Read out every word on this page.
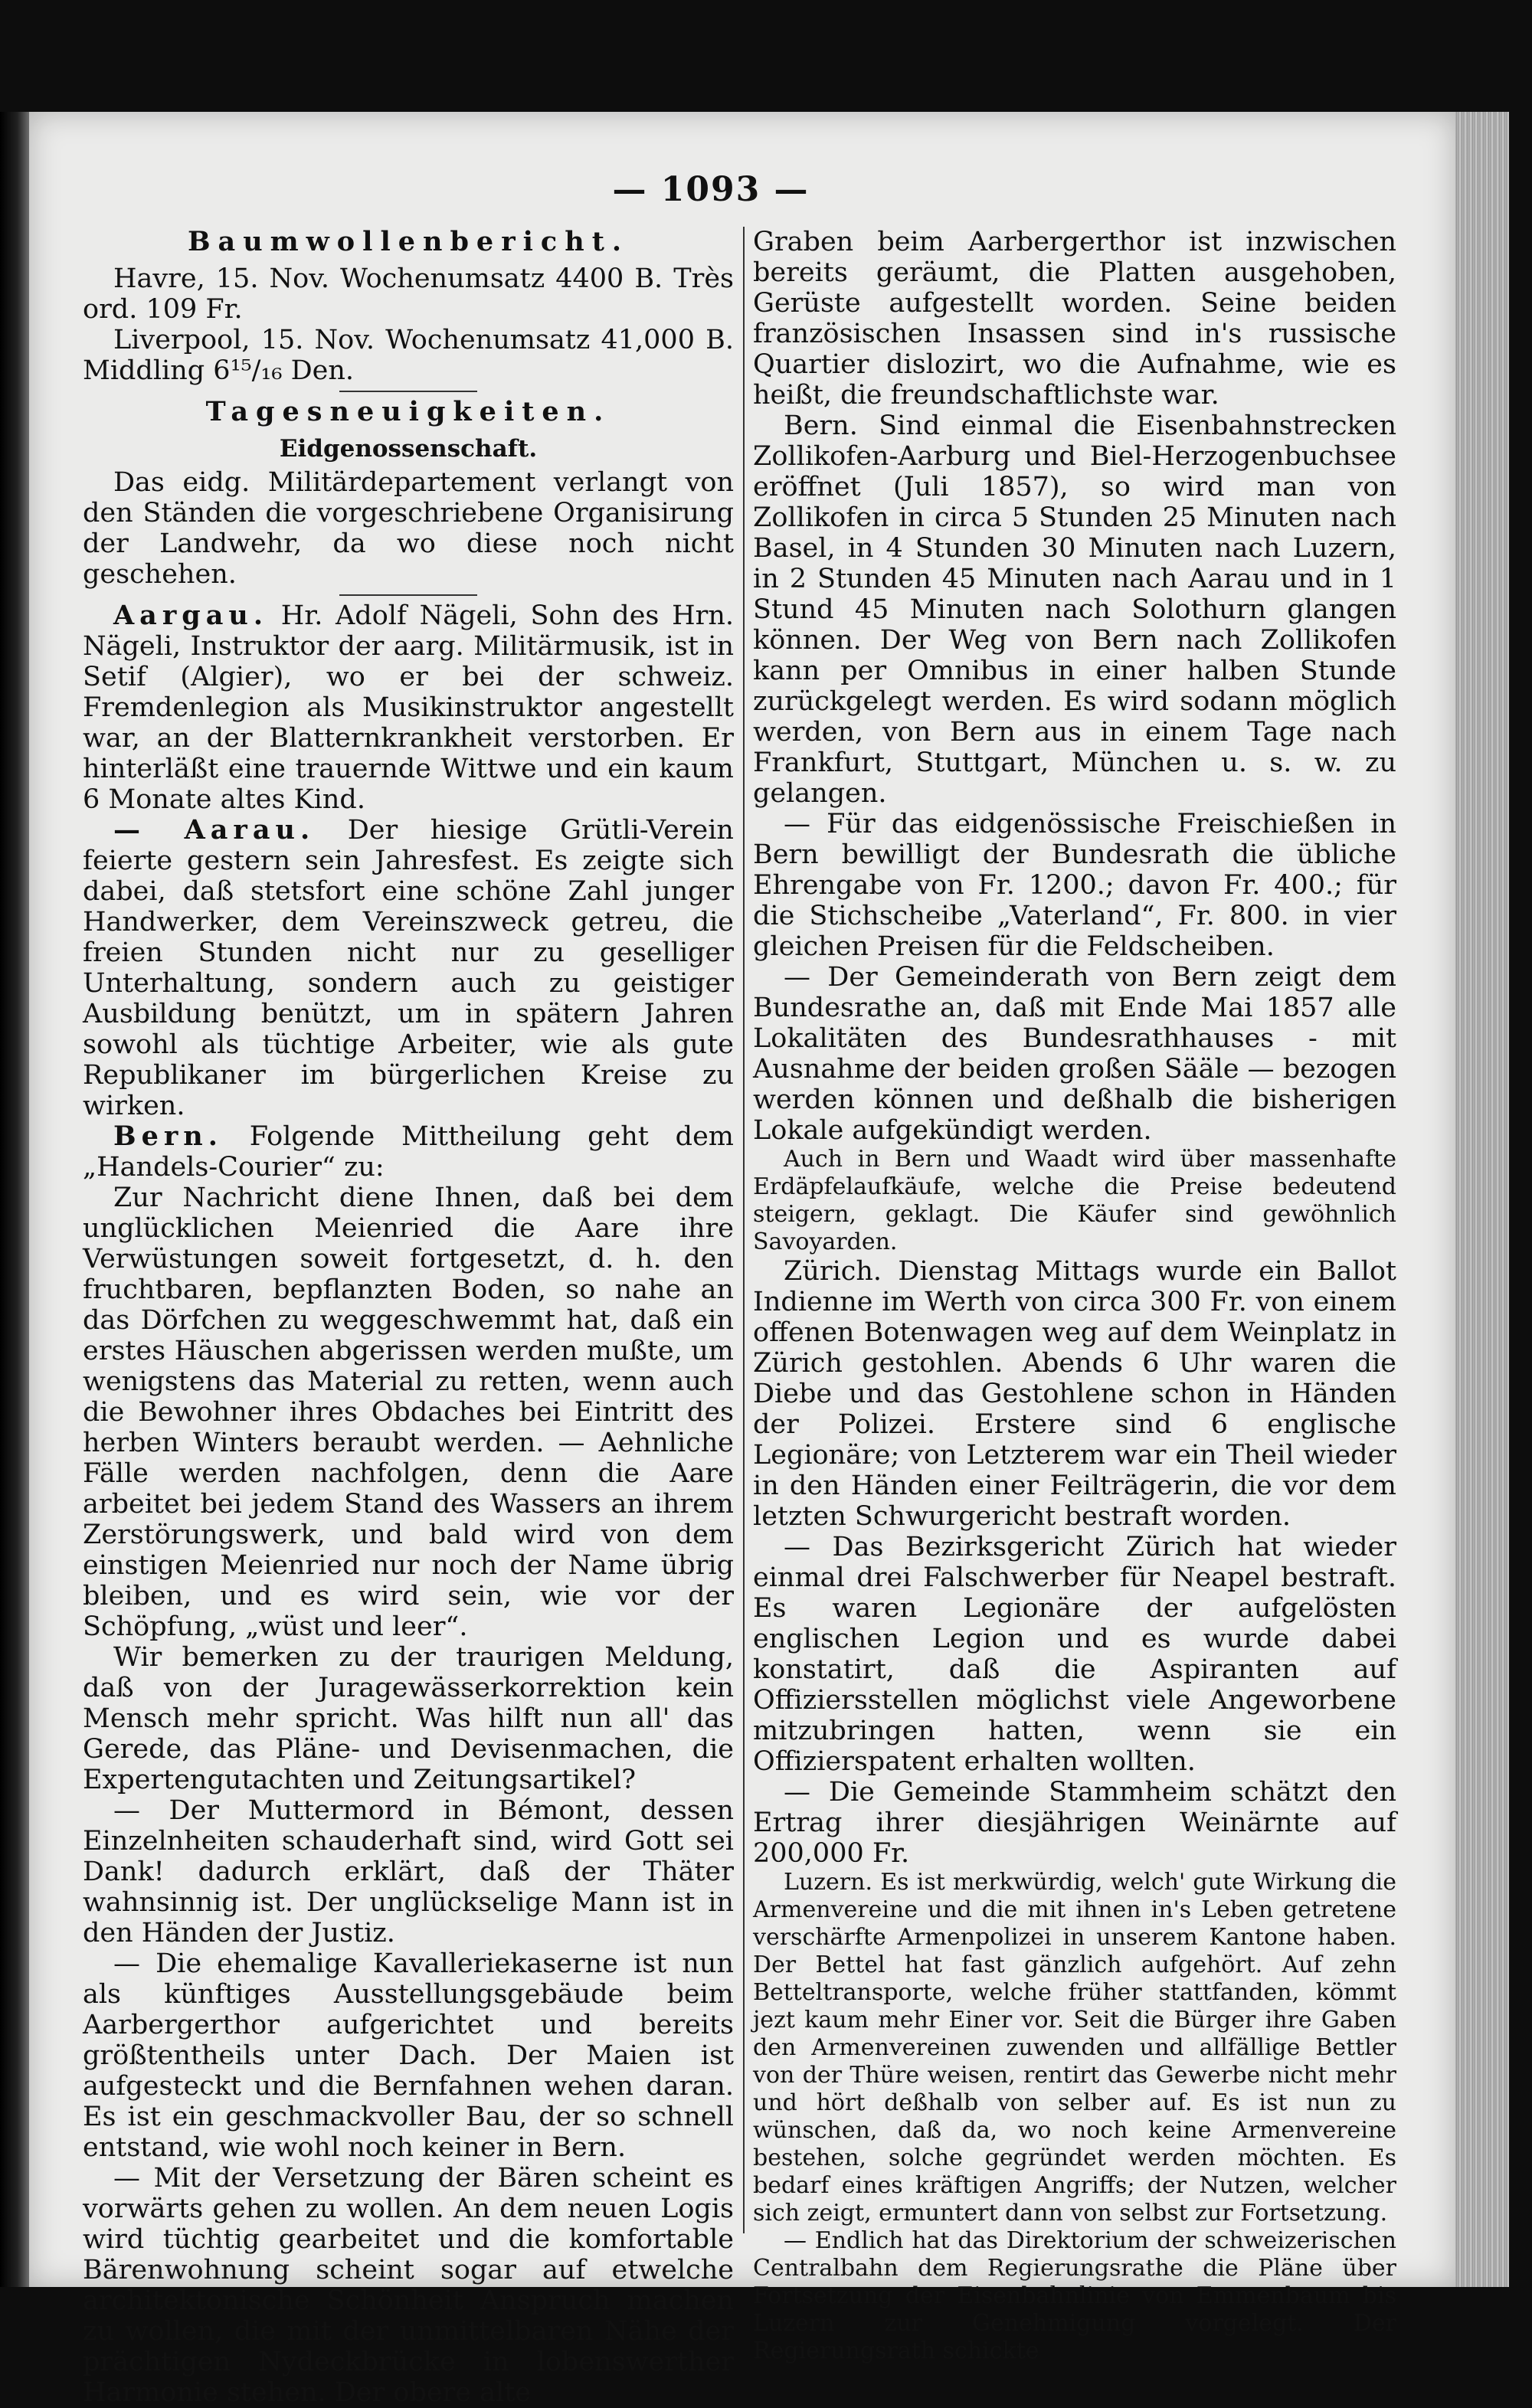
— 1093 —
Baumwollenbericht.

Havre, 15. Nov. Wochenumsatz 4400 B. Très ord. 109 Fr.

Liverpool, 15. Nov. Wochenumsatz 41,000 B. Middling 6¹⁵/₁₆ Den.

Tagesneuigkeiten.
Eidgenossenschaft.

Das eidg. Militärdepartement verlangt von den Ständen die vorgeschriebene Organisirung der Landwehr, da wo diese noch nicht geschehen.

Aargau. Hr. Adolf Nägeli, Sohn des Hrn. Nägeli, Instruktor der aarg. Militärmusik, ist in Setif (Algier), wo er bei der schweiz. Fremdenlegion als Musikinstruktor angestellt war, an der Blatternkrankheit verstorben. Er hinterläßt eine trauernde Wittwe und ein kaum 6 Monate altes Kind.

— Aarau. Der hiesige Grütli-Verein feierte gestern sein Jahresfest. Es zeigte sich dabei, daß stetsfort eine schöne Zahl junger Handwerker, dem Vereinszweck getreu, die freien Stunden nicht nur zu geselliger Unterhaltung, sondern auch zu geistiger Ausbildung benützt, um in spätern Jahren sowohl als tüchtige Arbeiter, wie als gute Republikaner im bürgerlichen Kreise zu wirken.

Bern. Folgende Mittheilung geht dem „Handels-Courier“ zu:

Zur Nachricht diene Ihnen, daß bei dem unglücklichen Meienried die Aare ihre Verwüstungen soweit fortgesetzt, d. h. den fruchtbaren, bepflanzten Boden, so nahe an das Dörfchen zu weggeschwemmt hat, daß ein erstes Häuschen abgerissen werden mußte, um wenigstens das Material zu retten, wenn auch die Bewohner ihres Obdaches bei Eintritt des herben Winters beraubt werden. — Aehnliche Fälle werden nachfolgen, denn die Aare arbeitet bei jedem Stand des Wassers an ihrem Zerstörungswerk, und bald wird von dem einstigen Meienried nur noch der Name übrig bleiben, und es wird sein, wie vor der Schöpfung, „wüst und leer“.

Wir bemerken zu der traurigen Meldung, daß von der Juragewässerkorrektion kein Mensch mehr spricht. Was hilft nun all' das Gerede, das Pläne- und Devisenmachen, die Expertengutachten und Zeitungsartikel?

— Der Muttermord in Bémont, dessen Einzelnheiten schauderhaft sind, wird Gott sei Dank! dadurch erklärt, daß der Thäter wahnsinnig ist. Der unglückselige Mann ist in den Händen der Justiz.

— Die ehemalige Kavalleriekaserne ist nun als künftiges Ausstellungsgebäude beim Aarbergerthor aufgerichtet und bereits größtentheils unter Dach. Der Maien ist aufgesteckt und die Bernfahnen wehen daran. Es ist ein geschmackvoller Bau, der so schnell entstand, wie wohl noch keiner in Bern.

— Mit der Versetzung der Bären scheint es vorwärts gehen zu wollen. An dem neuen Logis wird tüchtig gearbeitet und die komfortable Bärenwohnung scheint sogar auf etwelche architektonische Schönheit Anspruch machen zu wollen, die mit der unmittelbaren Nähe der prächtigen Nydeckbrücke in lobenswerther Harmonie stehen. Der obere alte

Graben beim Aarbergerthor ist inzwischen bereits geräumt, die Platten ausgehoben, Gerüste aufgestellt worden. Seine beiden französischen Insassen sind in's russische Quartier dislozirt, wo die Aufnahme, wie es heißt, die freundschaftlichste war.

Bern. Sind einmal die Eisenbahnstrecken Zollikofen-Aarburg und Biel-Herzogenbuchsee eröffnet (Juli 1857), so wird man von Zollikofen in circa 5 Stunden 25 Minuten nach Basel, in 4 Stunden 30 Minuten nach Luzern, in 2 Stunden 45 Minuten nach Aarau und in 1 Stund 45 Minuten nach Solothurn glangen können. Der Weg von Bern nach Zollikofen kann per Omnibus in einer halben Stunde zurückgelegt werden. Es wird sodann möglich werden, von Bern aus in einem Tage nach Frankfurt, Stuttgart, München u. s. w. zu gelangen.

— Für das eidgenössische Freischießen in Bern bewilligt der Bundesrath die übliche Ehrengabe von Fr. 1200.; davon Fr. 400.; für die Stichscheibe „Vaterland“, Fr. 800. in vier gleichen Preisen für die Feldscheiben.

— Der Gemeinderath von Bern zeigt dem Bundesrathe an, daß mit Ende Mai 1857 alle Lokalitäten des Bundesrathhauses - mit Ausnahme der beiden großen Sääle — bezogen werden können und deßhalb die bisherigen Lokale aufgekündigt werden.

Auch in Bern und Waadt wird über massenhafte Erdäpfelaufkäufe, welche die Preise bedeutend steigern, geklagt. Die Käufer sind gewöhnlich Savoyarden.

Zürich. Dienstag Mittags wurde ein Ballot Indienne im Werth von circa 300 Fr. von einem offenen Botenwagen weg auf dem Weinplatz in Zürich gestohlen. Abends 6 Uhr waren die Diebe und das Gestohlene schon in Händen der Polizei. Erstere sind 6 englische Legionäre; von Letzterem war ein Theil wieder in den Händen einer Feilträgerin, die vor dem letzten Schwurgericht bestraft worden.

— Das Bezirksgericht Zürich hat wieder einmal drei Falschwerber für Neapel bestraft. Es waren Legionäre der aufgelösten englischen Legion und es wurde dabei konstatirt, daß die Aspiranten auf Offiziersstellen möglichst viele Angeworbene mitzubringen hatten, wenn sie ein Offizierspatent erhalten wollten.

— Die Gemeinde Stammheim schätzt den Ertrag ihrer diesjährigen Weinärnte auf 200,000 Fr.

Luzern. Es ist merkwürdig, welch' gute Wirkung die Armenvereine und die mit ihnen in's Leben getretene verschärfte Armenpolizei in unserem Kantone haben. Der Bettel hat fast gänzlich aufgehört. Auf zehn Betteltransporte, welche früher stattfanden, kömmt jezt kaum mehr Einer vor. Seit die Bürger ihre Gaben den Armenvereinen zuwenden und allfällige Bettler von der Thüre weisen, rentirt das Gewerbe nicht mehr und hört deßhalb von selber auf. Es ist nun zu wünschen, daß da, wo noch keine Armenvereine bestehen, solche gegründet werden möchten. Es bedarf eines kräftigen Angriffs; der Nutzen, welcher sich zeigt, ermuntert dann von selbst zur Fortsetzung.

— Endlich hat das Direktorium der schweizerischen Centralbahn dem Regierungsrathe die Pläne über Fortsetzung der Eisenbahnlinie von Emmenbaum bis Luzern zur Genehmigung vorgelegt. Der Regierungsrath schickte
